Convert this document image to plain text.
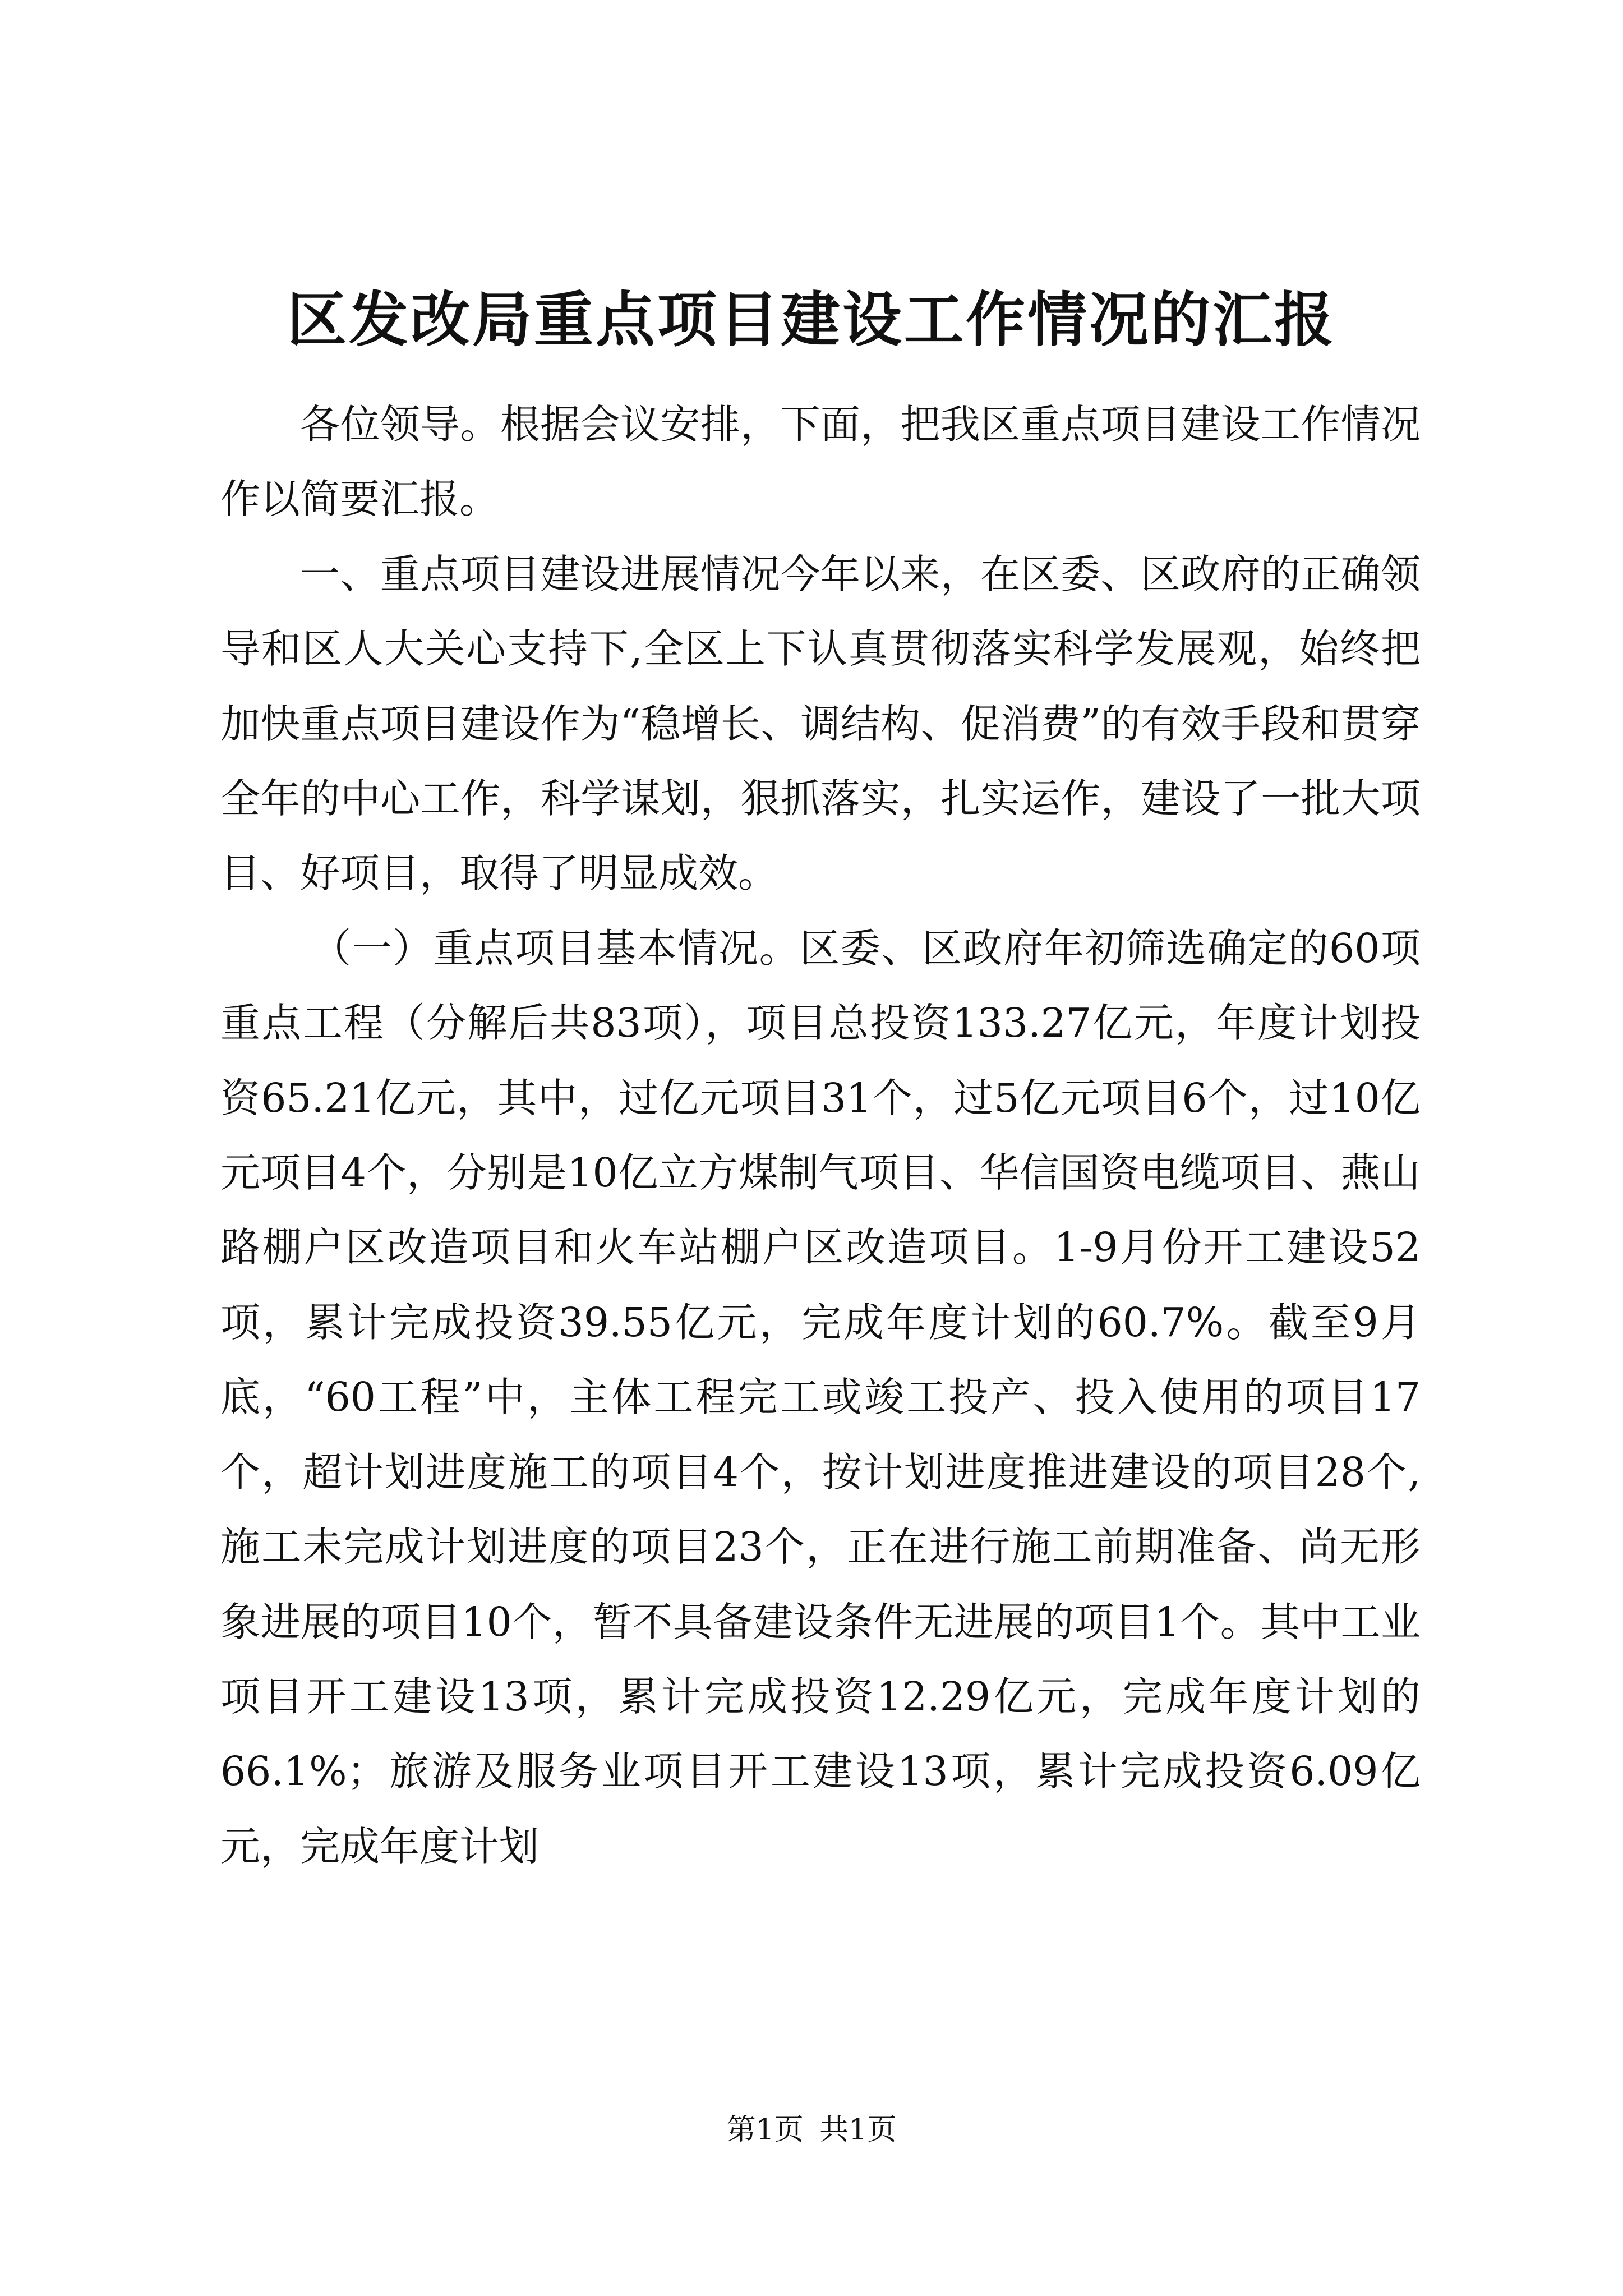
区发改局重点项目建设工作情况的汇报

各位领导。根据会议安排，下面，把我区重点项目建设工作情况作以简要汇报。

一、重点项目建设进展情况今年以来，在区委、区政府的正确领导和区人大关心支持下,全区上下认真贯彻落实科学发展观，始终把加快重点项目建设作为“稳增长、调结构、促消费”的有效手段和贯穿全年的中心工作，科学谋划，狠抓落实，扎实运作，建设了一批大项目、好项目，取得了明显成效。

（一）重点项目基本情况。区委、区政府年初筛选确定的60项重点工程（分解后共83项），项目总投资133.27亿元，年度计划投资65.21亿元，其中，过亿元项目31个，过5亿元项目6个，过10亿元项目4个，分别是10亿立方煤制气项目、华信国资电缆项目、燕山路棚户区改造项目和火车站棚户区改造项目。1-9月份开工建设52项，累计完成投资39.55亿元，完成年度计划的60.7%。截至9月底，“60工程”中，主体工程完工或竣工投产、投入使用的项目17个，超计划进度施工的项目4个，按计划进度推进建设的项目28个,施工未完成计划进度的项目23个，正在进行施工前期准备、尚无形象进展的项目10个，暂不具备建设条件无进展的项目1个。其中工业项目开工建设13项，累计完成投资12.29亿元，完成年度计划的66.1%；旅游及服务业项目开工建设13项，累计完成投资6.09亿元，完成年度计划

第1页 共1页
